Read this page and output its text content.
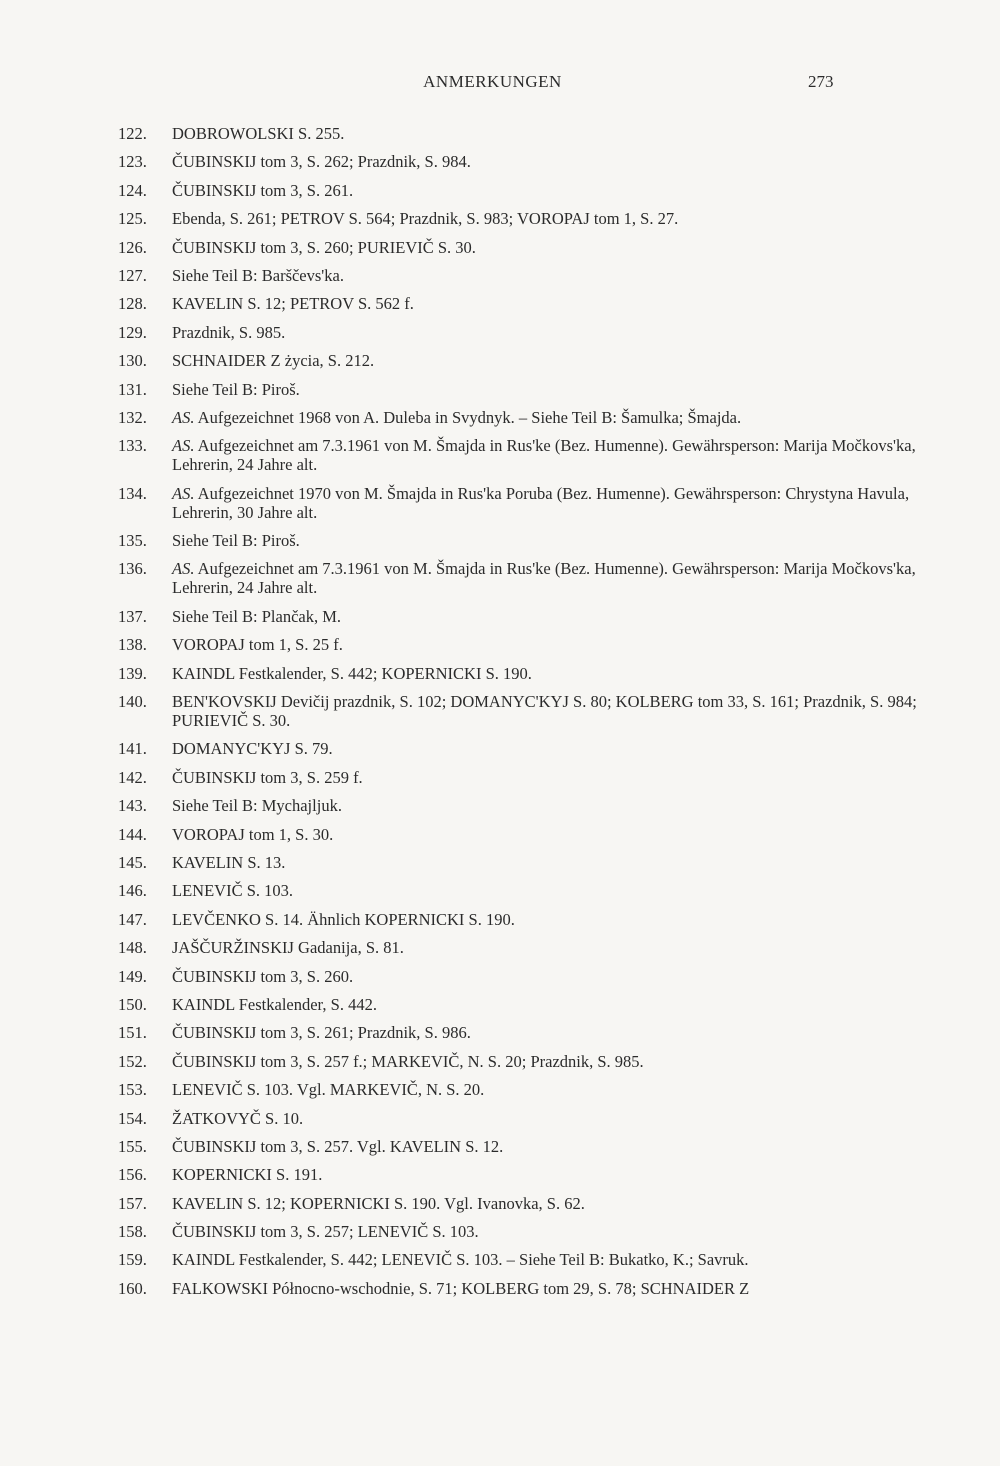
ANMERKUNGEN	273
122.	DOBROWOLSKI S. 255.
123.	ČUBINSKIJ tom 3, S. 262; Prazdnik, S. 984.
124.	ČUBINSKIJ tom 3, S. 261.
125.	Ebenda, S. 261; PETROV S. 564; Prazdnik, S. 983; VOROPAJ tom 1, S. 27.
126.	ČUBINSKIJ tom 3, S. 260; PURIEVIČ S. 30.
127.	Siehe Teil B: Barščevs'ka.
128.	KAVELIN S. 12; PETROV S. 562 f.
129.	Prazdnik, S. 985.
130.	SCHNAIDER Z życia, S. 212.
131.	Siehe Teil B: Piroš.
132.	AS. Aufgezeichnet 1968 von A. Duleba in Svydnyk. – Siehe Teil B: Šamulka; Šmajda.
133.	AS. Aufgezeichnet am 7.3.1961 von M. Šmajda in Rus'ke (Bez. Humenne). Gewährsperson: Marija Močkovs'ka, Lehrerin, 24 Jahre alt.
134.	AS. Aufgezeichnet 1970 von M. Šmajda in Rus'ka Poruba (Bez. Humenne). Gewährsperson: Chrystyna Havula, Lehrerin, 30 Jahre alt.
135.	Siehe Teil B: Piroš.
136.	AS. Aufgezeichnet am 7.3.1961 von M. Šmajda in Rus'ke (Bez. Humenne). Gewährsperson: Marija Močkovs'ka, Lehrerin, 24 Jahre alt.
137.	Siehe Teil B: Plančak, M.
138.	VOROPAJ tom 1, S. 25 f.
139.	KAINDL Festkalender, S. 442; KOPERNICKI S. 190.
140.	BEN'KOVSKIJ Devičij prazdnik, S. 102; DOMANYC'KYJ S. 80; KOLBERG tom 33, S. 161; Prazdnik, S. 984; PURIEVIČ S. 30.
141.	DOMANYC'KYJ S. 79.
142.	ČUBINSKIJ tom 3, S. 259 f.
143.	Siehe Teil B: Mychajljuk.
144.	VOROPAJ tom 1, S. 30.
145.	KAVELIN S. 13.
146.	LENEVIČ S. 103.
147.	LEVČENKO S. 14. Ähnlich KOPERNICKI S. 190.
148.	JAŠČURŽINSKIJ Gadanija, S. 81.
149.	ČUBINSKIJ tom 3, S. 260.
150.	KAINDL Festkalender, S. 442.
151.	ČUBINSKIJ tom 3, S. 261; Prazdnik, S. 986.
152.	ČUBINSKIJ tom 3, S. 257 f.; MARKEVIČ, N. S. 20; Prazdnik, S. 985.
153.	LENEVIČ S. 103. Vgl. MARKEVIČ, N. S. 20.
154.	ŽATKOVYČ S. 10.
155.	ČUBINSKIJ tom 3, S. 257. Vgl. KAVELIN S. 12.
156.	KOPERNICKI S. 191.
157.	KAVELIN S. 12; KOPERNICKI S. 190. Vgl. Ivanovka, S. 62.
158.	ČUBINSKIJ tom 3, S. 257; LENEVIČ S. 103.
159.	KAINDL Festkalender, S. 442; LENEVIČ S. 103. – Siehe Teil B: Bukatko, K.; Savruk.
160.	FALKOWSKI Północno-wschodnie, S. 71; KOLBERG tom 29, S. 78; SCHNAIDER Z
